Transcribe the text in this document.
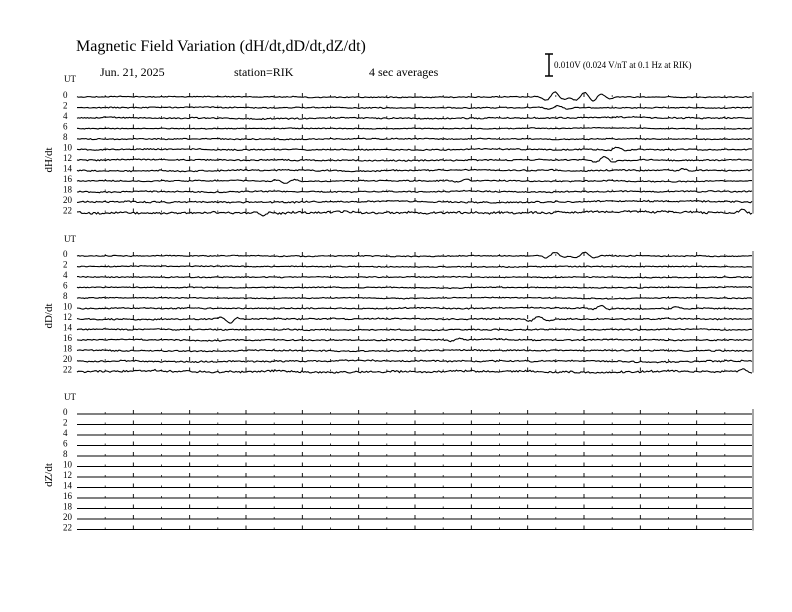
UT
dH/dt
0
2
4
6
8
10
12
14
16
18
20
22
UT
dD/dt
0
2
4
6
8
10
12
14
16
18
20
22
UT
dZ/dt
0
2
4
6
8
10
12
14
16
18
20
22
Magnetic Field Variation (dH/dt,dD/dt,dZ/dt)
Jun. 21, 2025	station=RIK	4 sec averages	0.010V (0.024 V/nT at 0.1 Hz at RIK)
